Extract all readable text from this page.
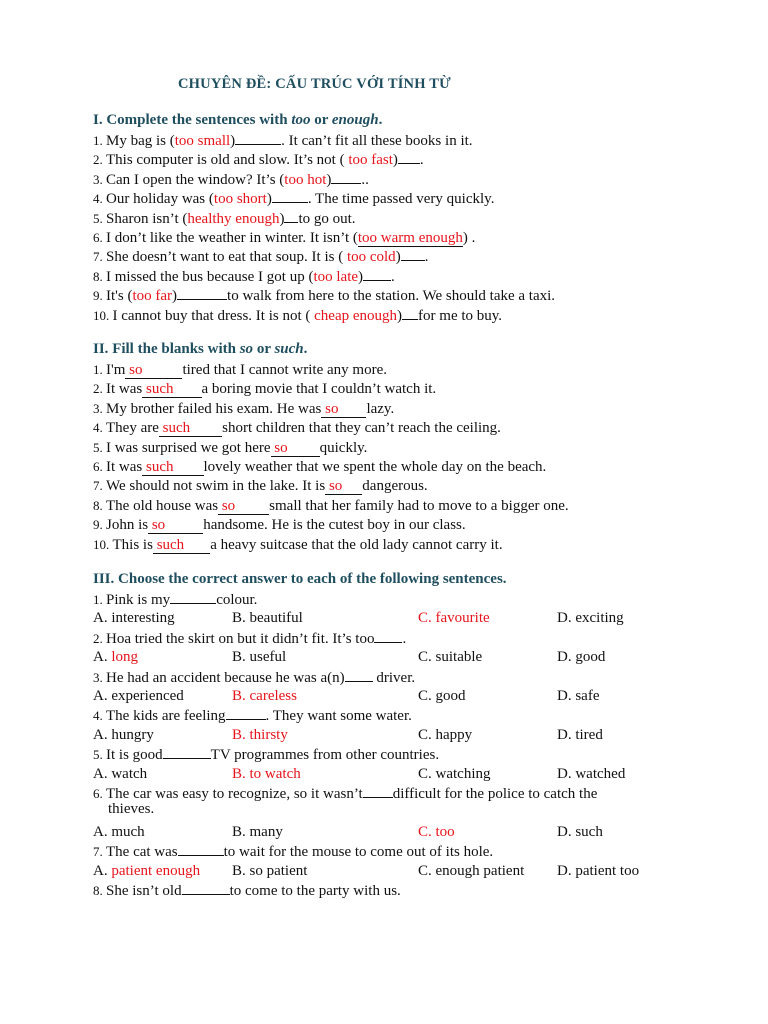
CHUYÊN ĐỀ: CẤU TRÚC VỚI TÍNH TỪ
I. Complete the sentences with too or enough.
1. My bag is (too small)	. It can’t fit all these books in it.
2. This computer is old and slow. It’s not ( too fast) .
3. Can I open the window? It’s (too hot) ..
4. Our holiday was (too short) . The time passed very quickly.
5. Sharon isn’t (healthy enough) to go out.
6. I don’t like the weather in winter. It isn’t (too warm enough) .
7. She doesn’t want to eat that soup. It is ( too cold) .
8. I missed the bus because I got up (too late) .
9. It's (too far)	to walk from here to the station. We should take a taxi.
10. I cannot buy that dress. It is not ( cheap enough) for me to buy.
II. Fill the blanks with so or such.
1. I'm so	tired that I cannot write any more.
2. It was such a boring movie that I couldn’t watch it.
3. My brother failed his exam. He was so lazy.
4. They are such short children that they can’t reach the ceiling.
5. I was surprised we got here so quickly.
6. It was such lovely weather that we spent the whole day on the beach.
7. We should not swim in the lake. It is so dangerous.
8. The old house was so small that her family had to move to a bigger one.
9. John is so	handsome. He is the cutest boy in our class.
10. This is such a heavy suitcase that the old lady cannot carry it.
III. Choose the correct answer to each of the following sentences.
1. Pink is my	colour.
A. interesting	B. beautiful	C. favourite	D. exciting
2. Hoa tried the skirt on but it didn’t fit. It’s too .
A. long	B. useful	C. suitable	D. good
3. He had an accident because he was a(n) driver.
A. experienced	B. careless	C. good	D. safe
4. The kids are feeling	. They want some water.
A. hungry	B. thirsty	C. happy	D. tired
5. It is good	TV programmes from other countries.
A. watch	B. to watch	C. watching	D. watched
6. The car was easy to recognize, so it wasn’t difficult for the police to catch the
thieves.
A. much	B. many	C. too	D. such
7. The cat was	to wait for the mouse to come out of its hole.
A. patient enough B. so patient	C. enough patient D. patient too
8. She isn’t old	to come to the party with us.
